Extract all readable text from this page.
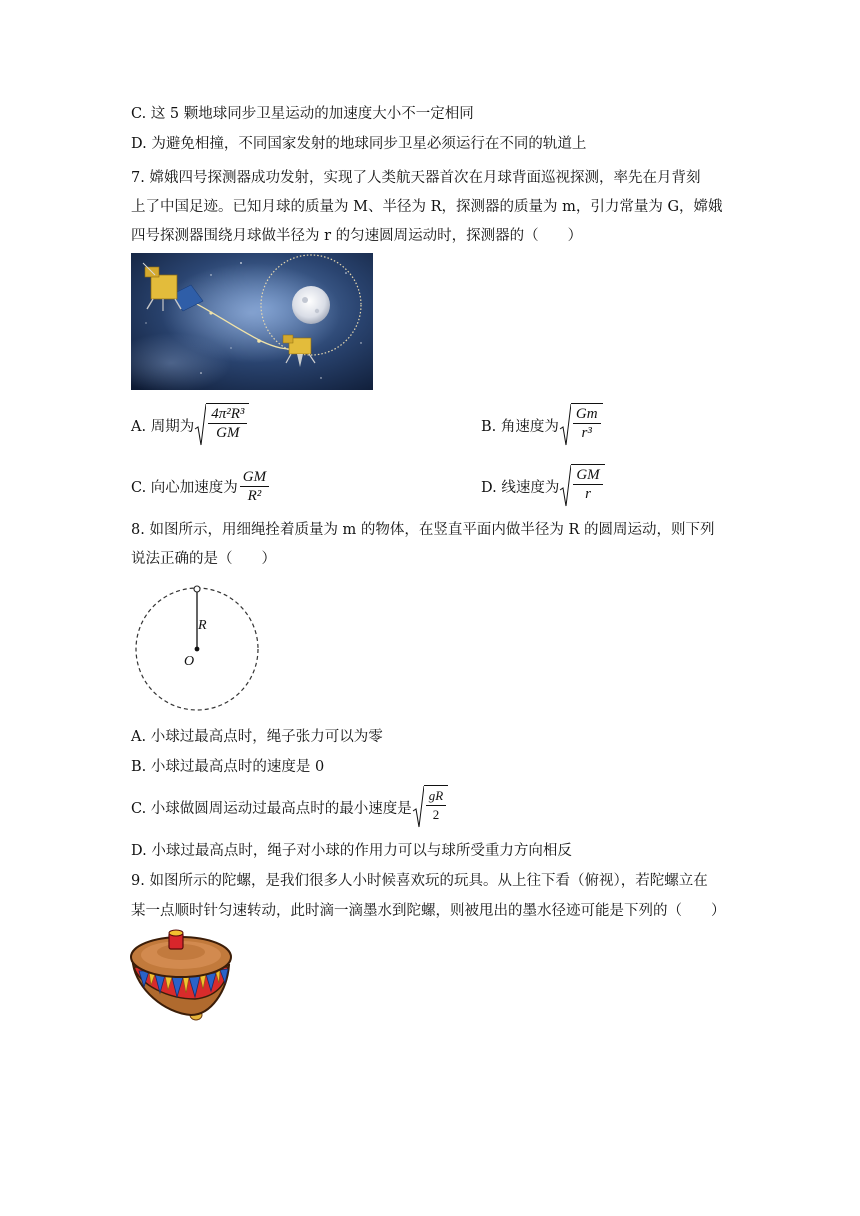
C. 这 5 颗地球同步卫星运动的加速度大小不一定相同
D. 为避免相撞，不同国家发射的地球同步卫星必须运行在不同的轨道上
7. 嫦娥四号探测器成功发射，实现了人类航天器首次在月球背面巡视探测，率先在月背刻
上了中国足迹。已知月球的质量为 M、半径为 R，探测器的质量为 m，引力常量为 G，嫦娥
四号探测器围绕月球做半径为 r 的匀速圆周运动时，探测器的（　　）
A. 周期为 $\frac{\text{4π²R³}}{GM}$	B. 角速度为 $\frac{Gm}{\text{r³}}$
C. 向心加速度为 $\frac{GM}{\text{R²}}$	D. 线速度为 $\frac{GM}{r}$
8. 如图所示，用细绳拴着质量为 m 的物体，在竖直平面内做半径为 R 的圆周运动，则下列
说法正确的是（　　）
R
O
A. 小球过最高点时，绳子张力可以为零
B. 小球过最高点时的速度是 0
C. 小球做圆周运动过最高点时的最小速度是 $\frac{gR}{2}$
D. 小球过最高点时，绳子对小球的作用力可以与球所受重力方向相反
9. 如图所示的陀螺，是我们很多人小时候喜欢玩的玩具。从上往下看（俯视），若陀螺立在
某一点顺时针匀速转动，此时滴一滴墨水到陀螺，则被甩出的墨水径迹可能是下列的（　　）
